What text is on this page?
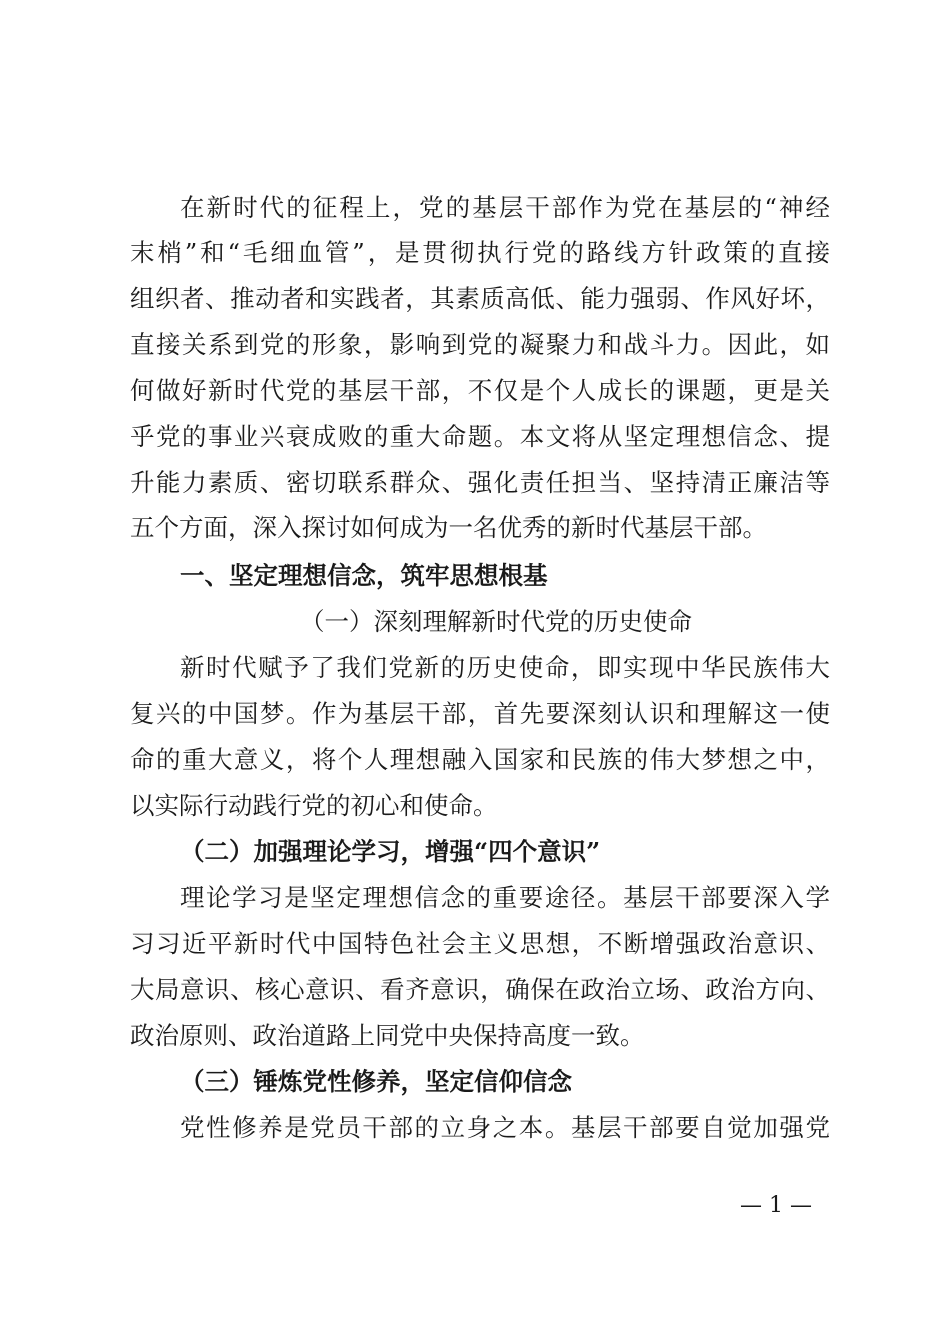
在新时代的征程上，党的基层干部作为党在基层的“神经
末梢”和“毛细血管”，是贯彻执行党的路线方针政策的直接
组织者、推动者和实践者，其素质高低、能力强弱、作风好坏，
直接关系到党的形象，影响到党的凝聚力和战斗力。因此，如
何做好新时代党的基层干部，不仅是个人成长的课题，更是关
乎党的事业兴衰成败的重大命题。本文将从坚定理想信念、提
升能力素质、密切联系群众、强化责任担当、坚持清正廉洁等
五个方面，深入探讨如何成为一名优秀的新时代基层干部。
一、坚定理想信念，筑牢思想根基
（一）深刻理解新时代党的历史使命
新时代赋予了我们党新的历史使命，即实现中华民族伟大
复兴的中国梦。作为基层干部，首先要深刻认识和理解这一使
命的重大意义，将个人理想融入国家和民族的伟大梦想之中，
以实际行动践行党的初心和使命。
（二）加强理论学习，增强“四个意识”
理论学习是坚定理想信念的重要途径。基层干部要深入学
习习近平新时代中国特色社会主义思想，不断增强政治意识、
大局意识、核心意识、看齐意识，确保在政治立场、政治方向、
政治原则、政治道路上同党中央保持高度一致。
（三）锤炼党性修养，坚定信仰信念
党性修养是党员干部的立身之本。基层干部要自觉加强党
— 1 —
